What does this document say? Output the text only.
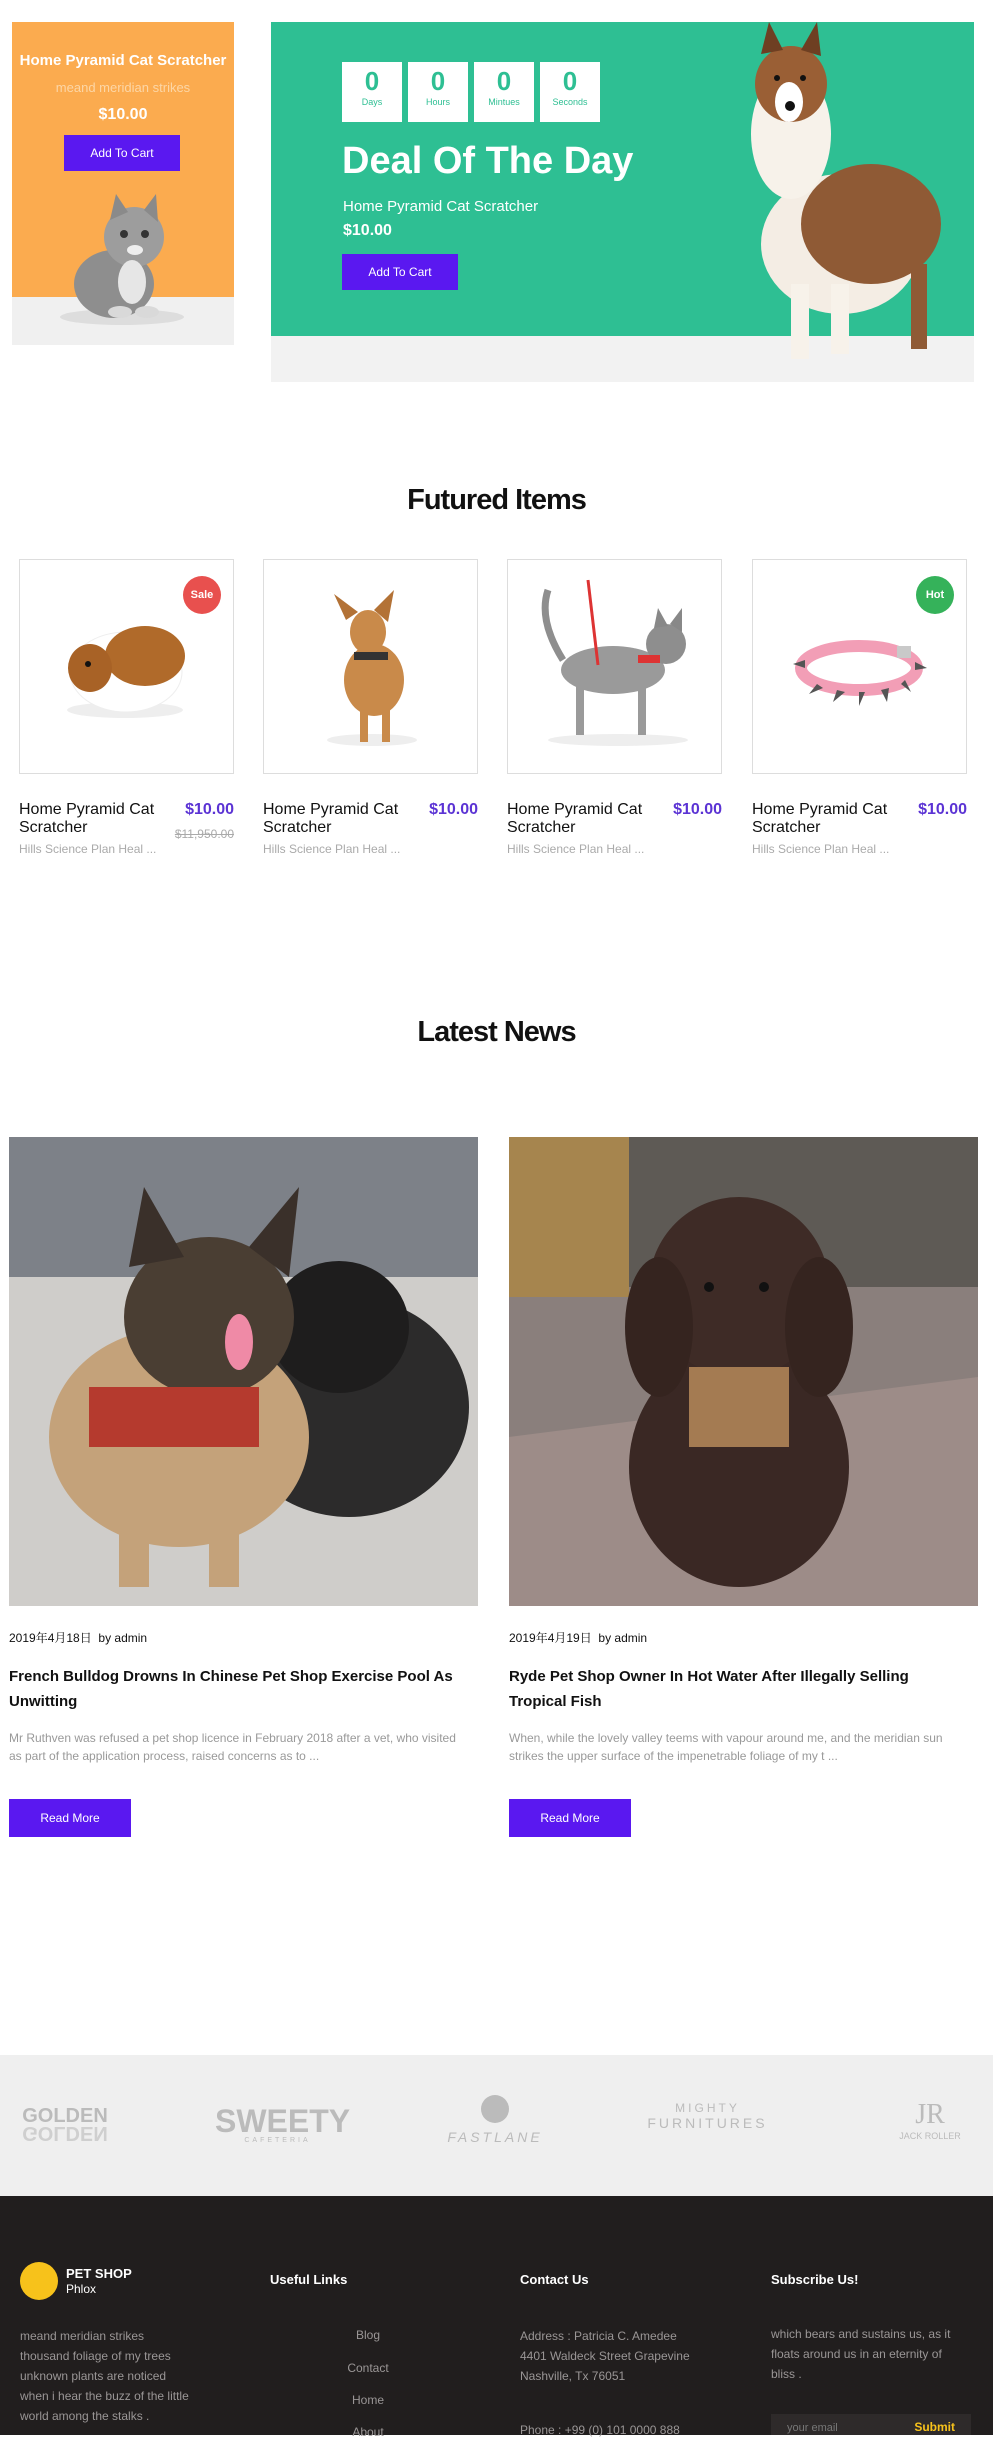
Home Pyramid Cat Scratcher
meand meridian strikes
$10.00
Add To Cart
0
Days
0
Hours
0
Mintues
0
Seconds
Deal Of The Day
Home Pyramid Cat Scratcher
$10.00
Add To Cart
Futured Items
Sale
Home Pyramid Cat Scratcher
$10.00
$11,950.00
Hills Science Plan Heal ...
Home Pyramid Cat Scratcher
$10.00
Hills Science Plan Heal ...
Home Pyramid Cat Scratcher
$10.00
Hills Science Plan Heal ...
Hot
Home Pyramid Cat Scratcher
$10.00
Hills Science Plan Heal ...
Latest News
2019年4月18日 by admin
French Bulldog Drowns In Chinese Pet Shop Exercise Pool As Unwitting
Mr Ruthven was refused a pet shop licence in February 2018 after a vet, who visited as part of the application process, raised concerns as to ...
Read More
2019年4月19日 by admin
Ryde Pet Shop Owner In Hot Water After Illegally Selling Tropical Fish
When, while the lovely valley teems with vapour around me, and the meridian sun strikes the upper surface of the impenetrable foliage of my t ...
Read More
GOLDEN
GOLDEN	SWEETY
CAFETERIA	FASTLANE
MIGHTY
FURNITURES	JR
JACK ROLLER
PET SHOP
Phlox
meand meridian strikes
thousand foliage of my trees
unknown plants are noticed
when i hear the buzz of the little
world among the stalks .
Useful Links
Blog
Contact
Home
About
Contact Us
Address : Patricia C. Amedee
4401 Waldeck Street Grapevine
Nashville, Tx 76051
Phone : +99 (0) 101 0000 888
Subscribe Us!
which bears and sustains us, as it
floats around us in an eternity of
bliss .
your email	Submit
